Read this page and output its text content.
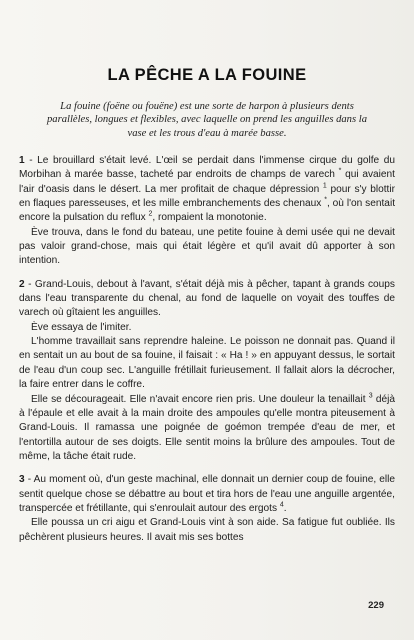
LA PÊCHE A LA FOUINE
La fouine (foëne ou fouëne) est une sorte de harpon à plusieurs dents parallèles, longues et flexibles, avec laquelle on prend les anguilles dans la vase et les trous d'eau à marée basse.

1 - Le brouillard s'était levé. L'œil se perdait dans l'immense cirque du golfe du Morbihan à marée basse, tacheté par endroits de champs de varech * qui avaient l'air d'oasis dans le désert. La mer profitait de chaque dépression $^1$ pour s'y blottir en flaques paresseuses, et les mille embranchements des chenaux *, où l'on sentait encore la pulsation du reflux $^2$, rompaient la monotonie.

Ève trouva, dans le fond du bateau, une petite fouine à demi usée qui ne devait pas valoir grand-chose, mais qui était légère et qu'il avait dû apporter à son intention.

2 - Grand-Louis, debout à l'avant, s'était déjà mis à pêcher, tapant à grands coups dans l'eau transparente du chenal, au fond de laquelle on voyait des touffes de varech où gîtaient les anguilles.

Ève essaya de l'imiter.

L'homme travaillait sans reprendre haleine. Le poisson ne donnait pas. Quand il en sentait un au bout de sa fouine, il faisait : « Ha ! » en appuyant dessus, le sortait de l'eau d'un coup sec. L'anguille frétillait furieusement. Il fallait alors la décrocher, la faire entrer dans le coffre.

Elle se décourageait. Elle n'avait encore rien pris. Une douleur la tenaillait $^3$ déjà à l'épaule et elle avait à la main droite des ampoules qu'elle montra piteusement à Grand-Louis. Il ramassa une poignée de goémon trempée d'eau de mer, et l'entortilla autour de ses doigts. Elle sentit moins la brûlure des ampoules. Tout de même, la tâche était rude.

3 - Au moment où, d'un geste machinal, elle donnait un dernier coup de fouine, elle sentit quelque chose se débattre au bout et tira hors de l'eau une anguille argentée, transpercée et frétillante, qui s'enroulait autour des ergots $^4$.

Elle poussa un cri aigu et Grand-Louis vint à son aide. Sa fatigue fut oubliée. Ils pêchèrent plusieurs heures. Il avait mis ses bottes

229
